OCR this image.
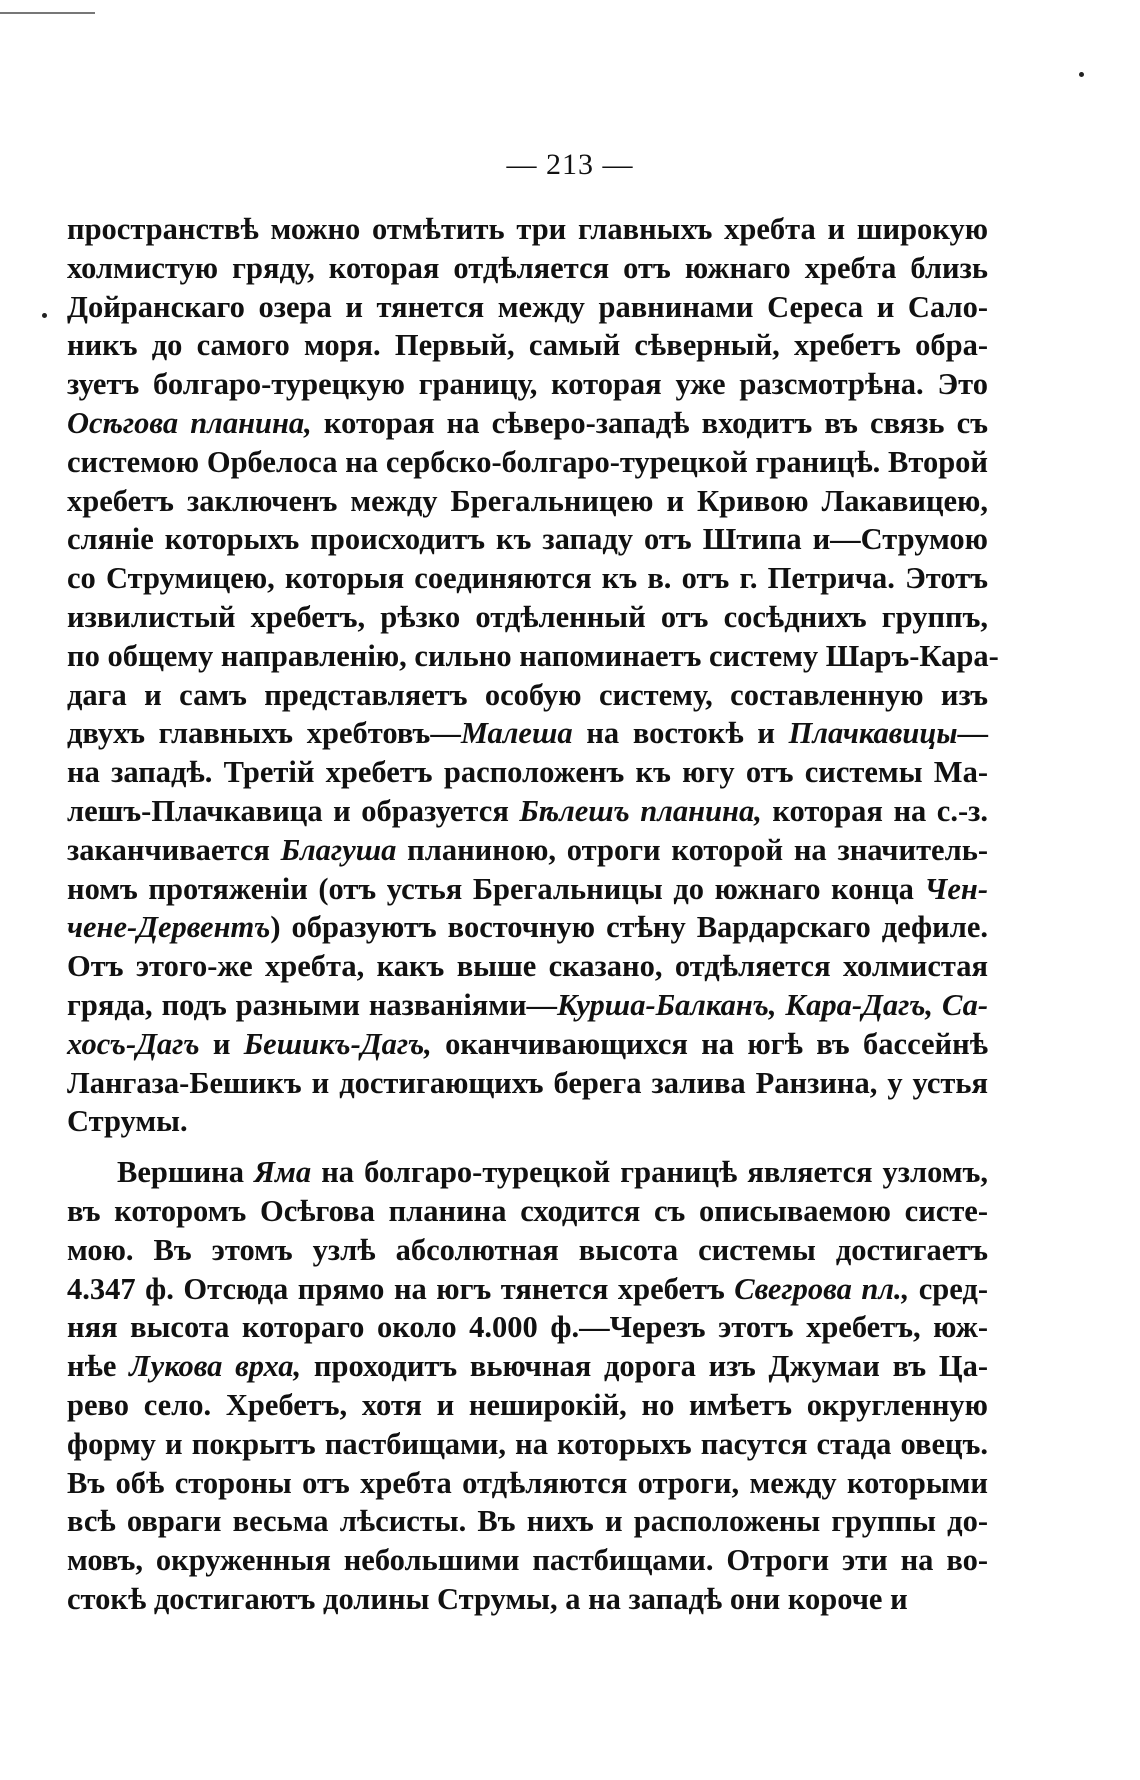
— 213 —
пространствѣ можно отмѣтить три главныхъ хребта и широкую
холмистую гряду, которая отдѣляется отъ южнаго хребта близь
Дойранскаго озера и тянется между равнинами Сереса и Сало-
никъ до самого моря. Первый, самый сѣверный, хребетъ обра-
зуетъ болгаро-турецкую границу, которая уже разсмотрѣна. Это
Осѣгова планина, которая на сѣверо-западѣ входитъ въ связь съ
системою Орбелоса на сербско-болгаро-турецкой границѣ. Второй
хребетъ заключенъ между Брегальницею и Кривою Лакавицею,
сляніе которыхъ происходитъ къ западу отъ Штипа и—Струмою
со Струмицею, которыя соединяются къ в. отъ г. Петрича. Этотъ
извилистый хребетъ, рѣзко отдѣленный отъ сосѣднихъ группъ,
по общему направленію, сильно напоминаетъ систему Шаръ-Кара-
дага и самъ представляетъ особую систему, составленную изъ
двухъ главныхъ хребтовъ—Малеша на востокѣ и Плачкавицы—
на западѣ. Третій хребетъ расположенъ къ югу отъ системы Ма-
лешъ-Плачкавица и образуется Бѣлешъ планина, которая на с.-з.
заканчивается Благуша планиною, отроги которой на значитель-
номъ протяженіи (отъ устья Брегальницы до южнаго конца Чен-
чене-Дервентъ) образуютъ восточную стѣну Вардарскаго дефиле.
Отъ этого-же хребта, какъ выше сказано, отдѣляется холмистая
гряда, подъ разными названіями—Курша-Балканъ, Кара-Дагъ, Са-
хосъ-Дагъ и Бешикъ-Дагъ, оканчивающихся на югѣ въ бассейнѣ
Лангаза-Бешикъ и достигающихъ берега залива Ранзина, у устья
Струмы.
Вершина Яма на болгаро-турецкой границѣ является узломъ,
въ которомъ Осѣгова планина сходится съ описываемою систе-
мою. Въ этомъ узлѣ абсолютная высота системы достигаетъ
4.347 ф. Отсюда прямо на югъ тянется хребетъ Свегрова пл., сред-
няя высота котораго около 4.000 ф.—Черезъ этотъ хребетъ, юж-
нѣе Лукова врха, проходитъ вьючная дорога изъ Джумаи въ Ца-
рево село. Хребетъ, хотя и неширокій, но имѣетъ округленную
форму и покрытъ пастбищами, на которыхъ пасутся стада овецъ.
Въ обѣ стороны отъ хребта отдѣляются отроги, между которыми
всѣ овраги весьма лѣсисты. Въ нихъ и расположены группы до-
мовъ, окруженныя небольшими пастбищами. Отроги эти на во-
стокѣ достигаютъ долины Струмы, а на западѣ они короче и
